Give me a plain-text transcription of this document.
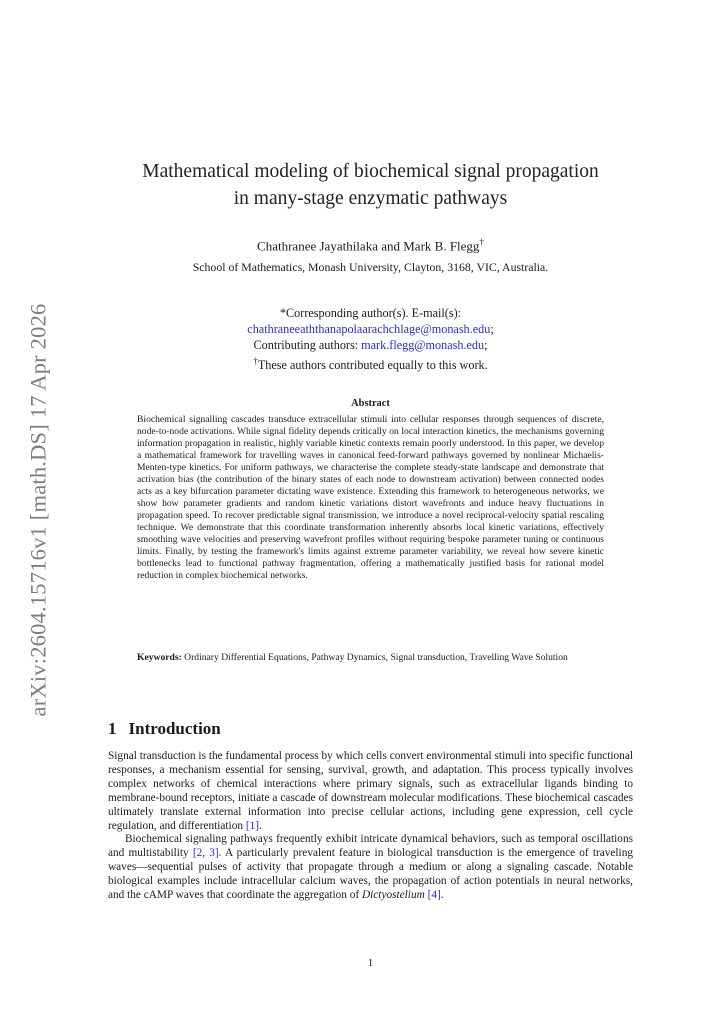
arXiv:2604.15716v1 [math.DS] 17 Apr 2026
Mathematical modeling of biochemical signal propagation
in many-stage enzymatic pathways
Chathranee Jayathilaka and Mark B. Flegg†
School of Mathematics, Monash University, Clayton, 3168, VIC, Australia.
*Corresponding author(s). E-mail(s):
chathraneeaththanapolaarachchlage@monash.edu;
Contributing authors: mark.flegg@monash.edu;
†These authors contributed equally to this work.
Abstract
Biochemical signalling cascades transduce extracellular stimuli into cellular responses through sequences of discrete, node-to-node activations. While signal fidelity depends critically on local interaction kinetics, the mechanisms governing information propagation in realistic, highly variable kinetic contexts remain poorly understood. In this paper, we develop a mathematical framework for travelling waves in canonical feed-forward pathways governed by nonlinear Michaelis-Menten-type kinetics. For uniform pathways, we characterise the complete steady-state landscape and demonstrate that activation bias (the contribution of the binary states of each node to downstream activation) between connected nodes acts as a key bifurcation parameter dictating wave existence. Extending this framework to heterogeneous networks, we show how parameter gradients and random kinetic variations distort wavefronts and induce heavy fluctuations in propagation speed. To recover predictable signal transmission, we introduce a novel reciprocal-velocity spatial rescaling technique. We demonstrate that this coordinate transformation inherently absorbs local kinetic variations, effectively smoothing wave velocities and preserving wavefront profiles without requiring bespoke parameter tuning or continuous limits. Finally, by testing the framework's limits against extreme parameter variability, we reveal how severe kinetic bottlenecks lead to functional pathway fragmentation, offering a mathematically justified basis for rational model reduction in complex biochemical networks.
Keywords: Ordinary Differential Equations, Pathway Dynamics, Signal transduction, Travelling Wave Solution
1 Introduction

Signal transduction is the fundamental process by which cells convert environmental stimuli into specific functional responses, a mechanism essential for sensing, survival, growth, and adaptation. This process typically involves complex networks of chemical interactions where primary signals, such as extracellular ligands binding to membrane-bound receptors, initiate a cascade of downstream molecular modifications. These biochemical cascades ultimately translate external information into precise cellular actions, including gene expression, cell cycle regulation, and differentiation [1].

Biochemical signaling pathways frequently exhibit intricate dynamical behaviors, such as temporal oscillations and multistability [2, 3]. A particularly prevalent feature in biological transduction is the emergence of traveling waves—sequential pulses of activity that propagate through a medium or along a signaling cascade. Notable biological examples include intracellular calcium waves, the propagation of action potentials in neural networks, and the cAMP waves that coordinate the aggregation of Dictyostelium [4].

1
